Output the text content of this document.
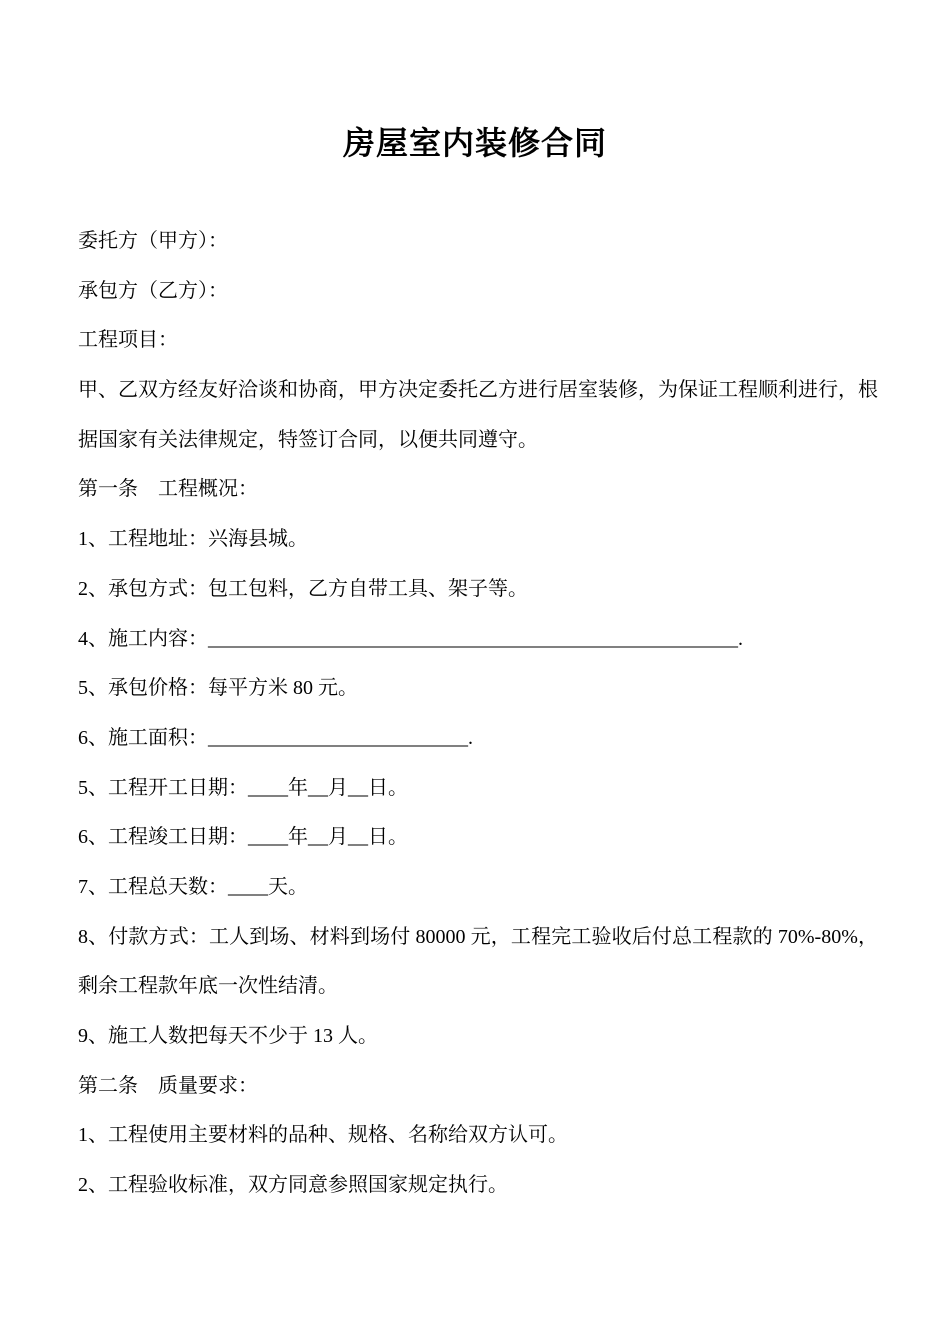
房屋室内装修合同
委托方（甲方）：
承包方（乙方）：
工程项目：
甲、乙双方经友好洽谈和协商，甲方决定委托乙方进行居室装修，为保证工程顺利进行，根据国家有关法律规定，特签订合同，以便共同遵守。
第一条　工程概况：
1、工程地址：兴海县城。
2、承包方式：包工包料，乙方自带工具、架子等。
4、施工内容：_____________________________________________________.
5、承包价格：每平方米 80 元。
6、施工面积：__________________________.
5、工程开工日期：____年__月__日。
6、工程竣工日期：____年__月__日。
7、工程总天数：____天。
8、付款方式：工人到场、材料到场付 80000 元，工程完工验收后付总工程款的 70%-80%，剩余工程款年底一次性结清。
9、施工人数把每天不少于 13 人。
第二条　质量要求：
1、工程使用主要材料的品种、规格、名称给双方认可。
2、工程验收标准，双方同意参照国家规定执行。
